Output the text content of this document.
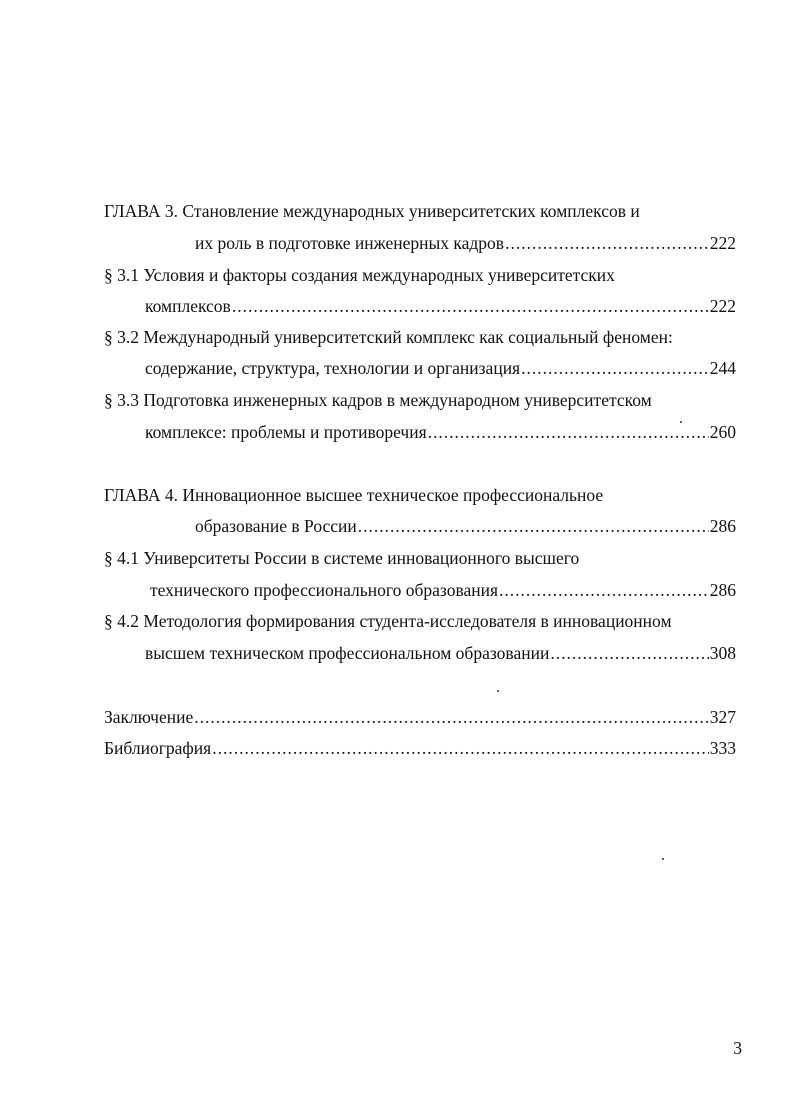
ГЛАВА 3. Становление международных университетских комплексов и
их роль в подготовке инженерных кадров .....	222
§ 3.1 Условия и факторы создания международных университетских
комплексов .....	222
§ 3.2 Международный университетский комплекс как социальный феномен:
содержание, структура, технологии и организация .....	244
§ 3.3 Подготовка инженерных кадров в международном университетском
комплексе: проблемы и противоречия .....	260
ГЛАВА 4. Инновационное высшее техническое профессиональное
образование в России .....	286
§ 4.1 Университеты России в системе инновационного высшего
технического профессионального образования .....	286
§ 4.2 Методология формирования студента-исследователя в инновационном
высшем техническом профессиональном образовании .....	308
Заключение .....	327
Библиография .....	333
3
